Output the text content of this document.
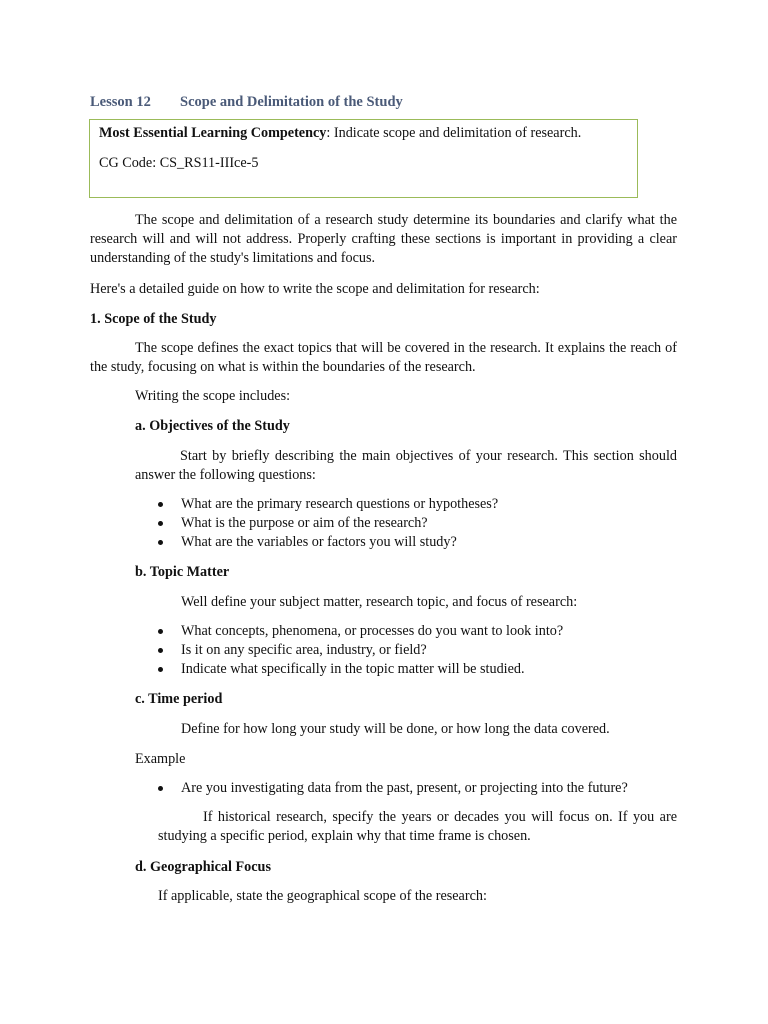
Lesson 12 Scope and Delimitation of the Study
Most Essential Learning Competency: Indicate scope and delimitation of research.
CG Code: CS_RS11-IIIce-5
The scope and delimitation of a research study determine its boundaries and clarify what the research will and will not address. Properly crafting these sections is important in providing a clear understanding of the study's limitations and focus.
Here's a detailed guide on how to write the scope and delimitation for research:
1. Scope of the Study
The scope defines the exact topics that will be covered in the research. It explains the reach of the study, focusing on what is within the boundaries of the research.
Writing the scope includes:
a. Objectives of the Study
Start by briefly describing the main objectives of your research. This section should answer the following questions:
What are the primary research questions or hypotheses?
What is the purpose or aim of the research?
What are the variables or factors you will study?
b. Topic Matter
Well define your subject matter, research topic, and focus of research:
What concepts, phenomena, or processes do you want to look into?
Is it on any specific area, industry, or field?
Indicate what specifically in the topic matter will be studied.
c. Time period
Define for how long your study will be done, or how long the data covered.
Example
Are you investigating data from the past, present, or projecting into the future?
If historical research, specify the years or decades you will focus on. If you are studying a specific period, explain why that time frame is chosen.
d. Geographical Focus
If applicable, state the geographical scope of the research:
